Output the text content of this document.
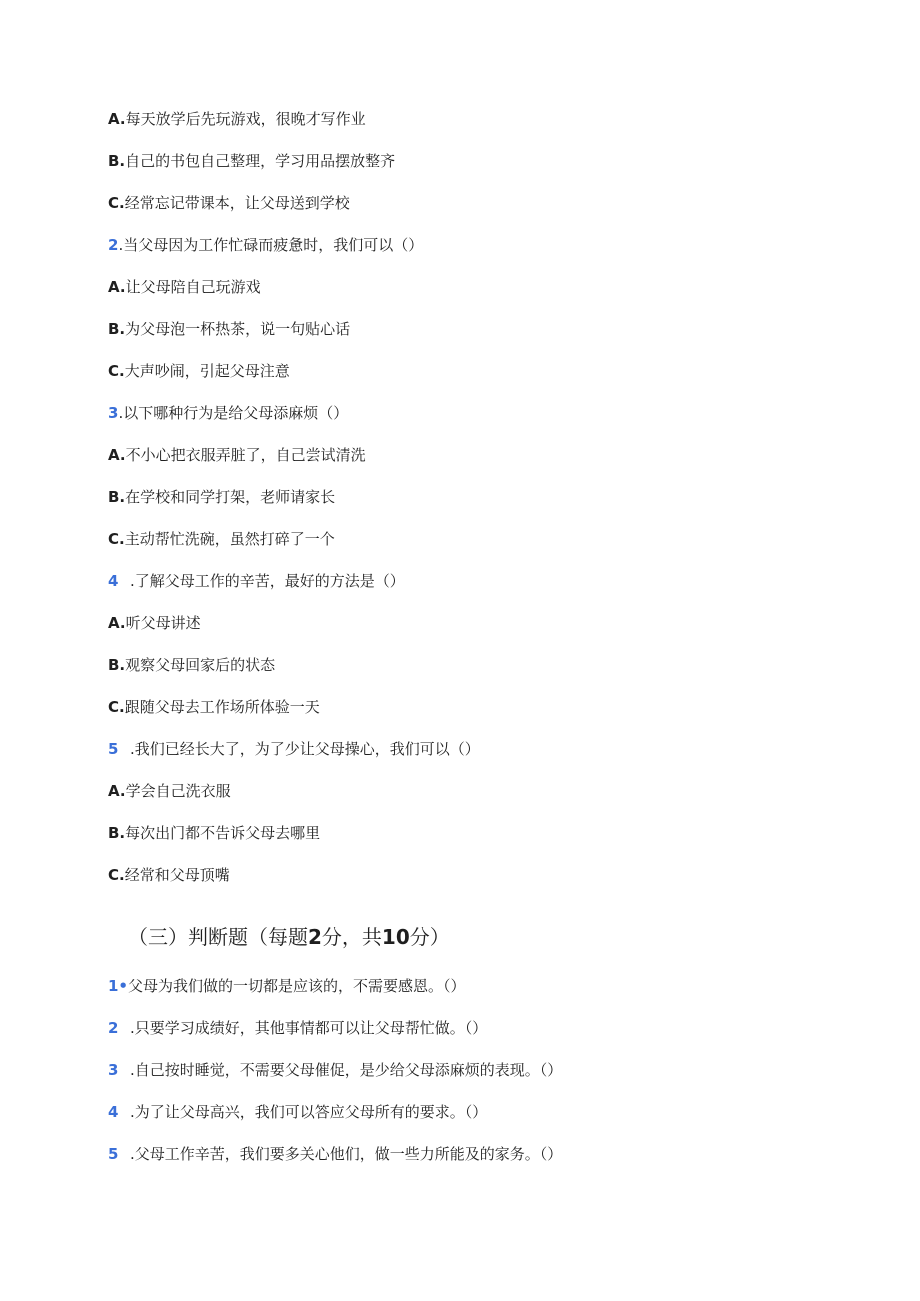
A.每天放学后先玩游戏，很晚才写作业
B.自己的书包自己整理，学习用品摆放整齐
C.经常忘记带课本，让父母送到学校
2.当父母因为工作忙碌而疲惫时，我们可以（）
A.让父母陪自己玩游戏
B.为父母泡一杯热茶，说一句贴心话
C.大声吵闹，引起父母注意
3.以下哪种行为是给父母添麻烦（）
A.不小心把衣服弄脏了，自己尝试清洗
B.在学校和同学打架，老师请家长
C.主动帮忙洗碗，虽然打碎了一个
4 .了解父母工作的辛苦，最好的方法是（）
A.听父母讲述
B.观察父母回家后的状态
C.跟随父母去工作场所体验一天
5 .我们已经长大了，为了少让父母操心，我们可以（）
A.学会自己洗衣服
B.每次出门都不告诉父母去哪里
C.经常和父母顶嘴
（三）判断题（每题2分，共10分）
1•父母为我们做的一切都是应该的，不需要感恩。（）
2 .只要学习成绩好，其他事情都可以让父母帮忙做。（）
3 .自己按时睡觉，不需要父母催促，是少给父母添麻烦的表现。（）
4 .为了让父母高兴，我们可以答应父母所有的要求。（）
5 .父母工作辛苦，我们要多关心他们，做一些力所能及的家务。（）
